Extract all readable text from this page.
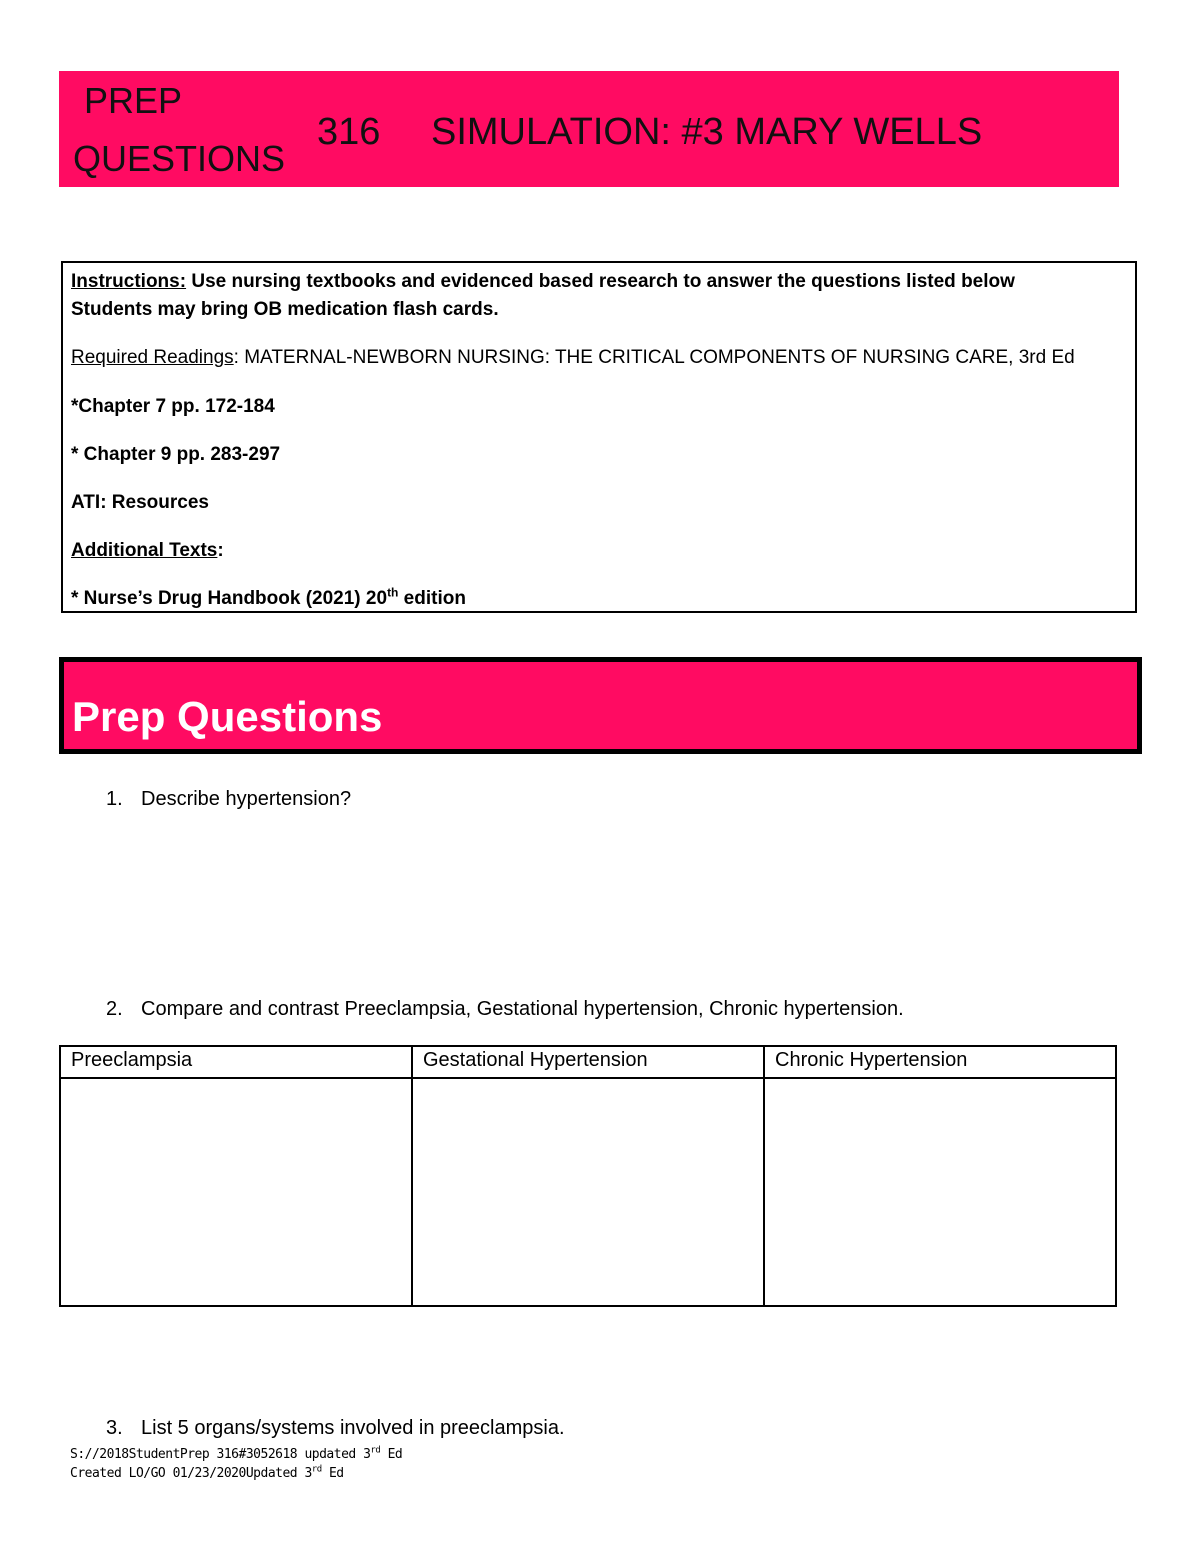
PREP
QUESTIONS
316 SIMULATION: #3 MARY WELLS
Instructions: Use nursing textbooks and evidenced based research to answer the questions listed below
Students may bring OB medication flash cards.
Required Readings: MATERNAL-NEWBORN NURSING: THE CRITICAL COMPONENTS OF NURSING CARE, 3rd Ed
*Chapter 7 pp. 172-184
* Chapter 9 pp. 283-297
ATI: Resources
Additional Texts:
* Nurse’s Drug Handbook (2021) 20th edition
Prep Questions
1. Describe hypertension?
2. Compare and contrast Preeclampsia, Gestational hypertension, Chronic hypertension.
Preeclampsia	Gestational Hypertension	Chronic Hypertension

3. List 5 organs/systems involved in preeclampsia.
S://2018StudentPrep 316#3052618 updated 3rd Ed
Created LO/GO 01/23/2020Updated 3rd Ed
